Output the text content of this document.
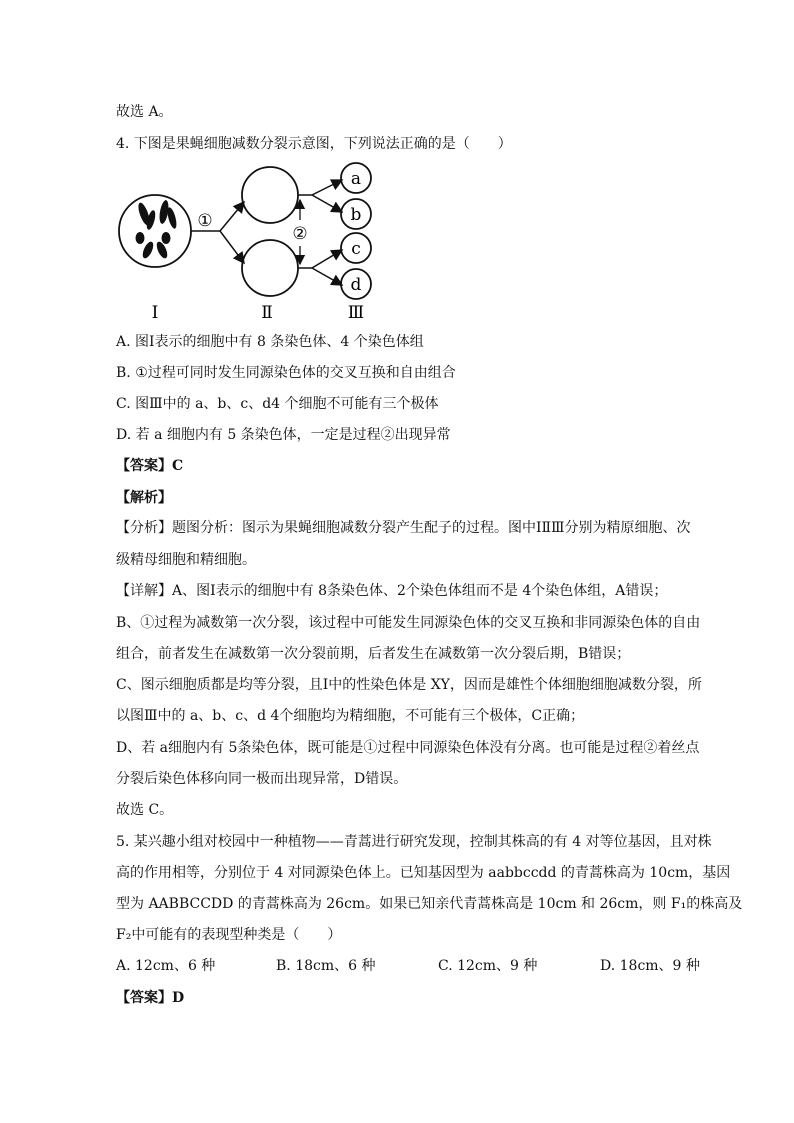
故选 A。
4. 下图是果蝇细胞减数分裂示意图，下列说法正确的是（　　）
①
②
a
b
c
d
Ⅰ	Ⅱ	Ⅲ
A. 图Ⅰ表示的细胞中有 8 条染色体、4 个染色体组
B. ①过程可同时发生同源染色体的交叉互换和自由组合
C. 图Ⅲ中的 a、b、c、d4 个细胞不可能有三个极体
D. 若 a 细胞内有 5 条染色体，一定是过程②出现异常
【答案】C
【解析】
【分析】题图分析：图示为果蝇细胞减数分裂产生配子的过程。图中ⅠⅡⅢ分别为精原细胞、次
级精母细胞和精细胞。
【详解】A、图Ⅰ表示的细胞中有 8条染色体、2个染色体组而不是 4个染色体组，A错误；
B、①过程为减数第一次分裂，该过程中可能发生同源染色体的交叉互换和非同源染色体的自由
组合，前者发生在减数第一次分裂前期，后者发生在减数第一次分裂后期，B错误；
C、图示细胞质都是均等分裂，且Ⅰ中的性染色体是 XY，因而是雄性个体细胞细胞减数分裂，所
以图Ⅲ中的 a、b、c、d 4个细胞均为精细胞，不可能有三个极体，C正确；
D、若 a细胞内有 5条染色体，既可能是①过程中同源染色体没有分离。也可能是过程②着丝点
分裂后染色体移向同一极而出现异常，D错误。
故选 C。
5. 某兴趣小组对校园中一种植物——青蒿进行研究发现，控制其株高的有 4 对等位基因，且对株
高的作用相等，分别位于 4 对同源染色体上。已知基因型为 aabbccdd 的青蒿株高为 10cm，基因
型为 AABBCCDD 的青蒿株高为 26cm。如果已知亲代青蒿株高是 10cm 和 26cm，则 F₁的株高及
F₂中可能有的表现型种类是（　　）
A. 12cm、6 种	B. 18cm、6 种	C. 12cm、9 种	D. 18cm、9 种
【答案】D
